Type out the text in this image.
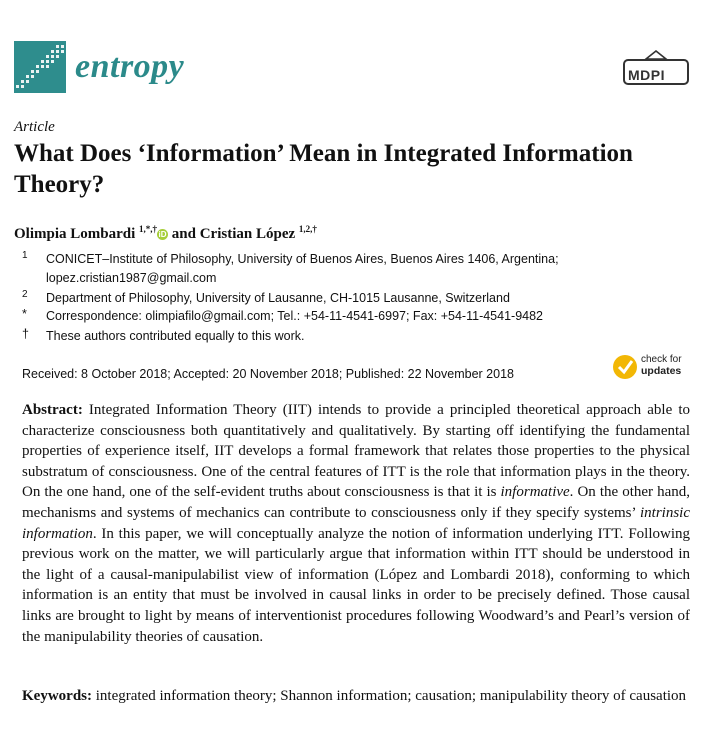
entropy	MDPI
Article
What Does ‘Information’ Mean in Integrated Information Theory?
Olimpia Lombardi $^{1,*,\dagger}$iD and Cristian López $^{1,2,\dagger}$
1 CONICET–Institute of Philosophy, University of Buenos Aires, Buenos Aires 1406, Argentina;
lopez.cristian1987@gmail.com
2 Department of Philosophy, University of Lausanne, CH-1015 Lausanne, Switzerland
* Correspondence: olimpiafilo@gmail.com; Tel.: +54-11-4541-6997; Fax: +54-11-4541-9482
† These authors contributed equally to this work.
Received: 8 October 2018; Accepted: 20 November 2018; Published: 22 November 2018
check for
updates
Abstract: Integrated Information Theory (IIT) intends to provide a principled theoretical approach able to characterize consciousness both quantitatively and qualitatively. By starting off identifying the fundamental properties of experience itself, IIT develops a formal framework that relates those properties to the physical substratum of consciousness. One of the central features of ITT is the role that information plays in the theory. On the one hand, one of the self-evident truths about consciousness is that it is informative. On the other hand, mechanisms and systems of mechanics can contribute to consciousness only if they specify systems’ intrinsic information. In this paper, we will conceptually analyze the notion of information underlying ITT. Following previous work on the matter, we will particularly argue that information within ITT should be understood in the light of a causal-manipulabilist view of information (López and Lombardi 2018), conforming to which information is an entity that must be involved in causal links in order to be precisely defined. Those causal links are brought to light by means of interventionist procedures following Woodward’s and Pearl’s version of the manipulability theories of causation.
Keywords: integrated information theory; Shannon information; causation; manipulability theory of causation
